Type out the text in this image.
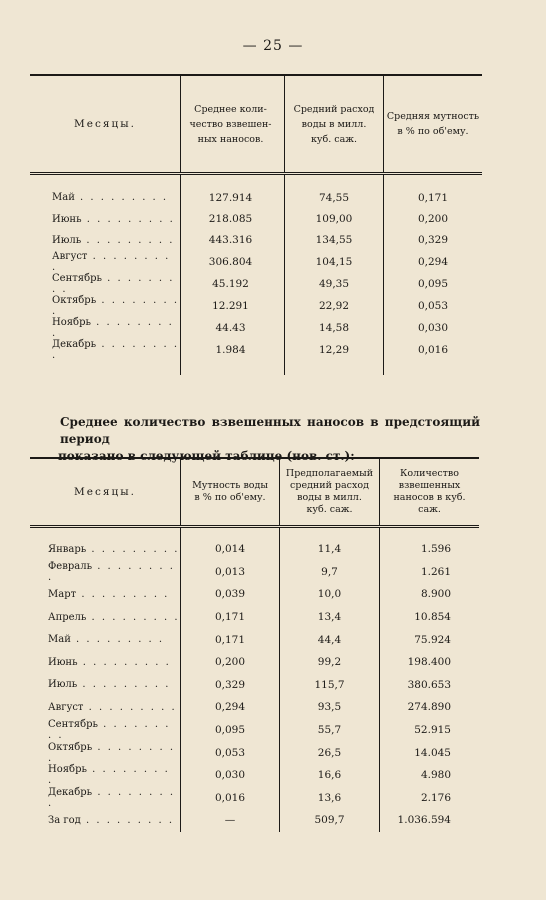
— 25 —
Месяцы.	Среднее коли-
чество взвешен-
ных наносов.	Средний расход
воды в милл.
куб. саж.	Средняя мутность
в % по об'ему.
Май . . . . . . . . .	127.914	74,55	0,171
Июнь . . . . . . . . .	218.085	109,00	0,200
Июль . . . . . . . . .	443.316	134,55	0,329
Август . . . . . . . . .	306.804	104,15	0,294
Сентябрь . . . . . . . . .	45.192	49,35	0,095
Октябрь . . . . . . . . .	12.291	22,92	0,053
Ноябрь . . . . . . . . .	44.43	14,58	0,030
Декабрь . . . . . . . . .	1.984	12,29	0,016
Среднее количество взвешенных наносов в предстоящий период
показано в следующей таблице (нов. ст.):
Месяцы.	Мутность воды
в % по об'ему.	Предполагаемый
средний расход
воды в милл.
куб. саж.	Количество
взвешенных
наносов в куб.
саж.
Январь . . . . . . . . .	0,014	11,4	1.596
Февраль . . . . . . . . .	0,013	9,7	1.261
Март . . . . . . . . .	0,039	10,0	8.900
Апрель . . . . . . . . .	0,171	13,4	10.854
Май . . . . . . . . .	0,171	44,4	75.924
Июнь . . . . . . . . .	0,200	99,2	198.400
Июль . . . . . . . . .	0,329	115,7	380.653
Август . . . . . . . . .	0,294	93,5	274.890
Сентябрь . . . . . . . . .	0,095	55,7	52.915
Октябрь . . . . . . . . .	0,053	26,5	14.045
Ноябрь . . . . . . . . .	0,030	16,6	4.980
Декабрь . . . . . . . . .	0,016	13,6	2.176
За год . . . . . . . . .	—	509,7	1.036.594
